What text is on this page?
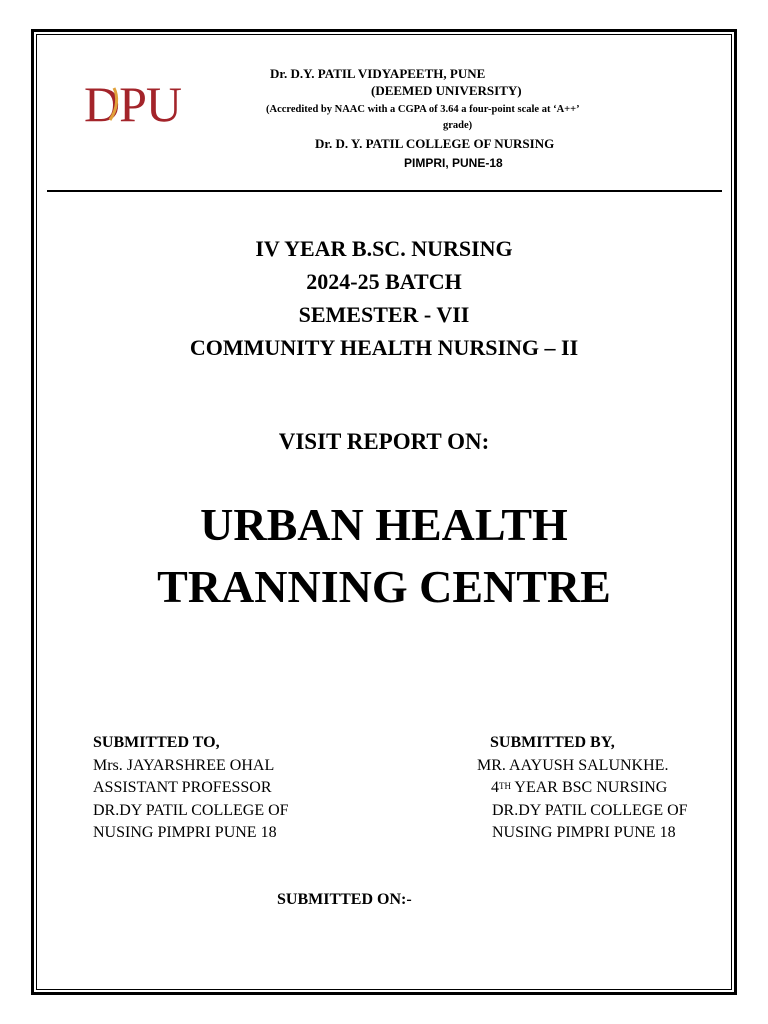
DPU
Dr. D.Y. PATIL VIDYAPEETH, PUNE
(DEEMED UNIVERSITY)
(Accredited by NAAC with a CGPA of 3.64 a four-point scale at ‘A++’
grade)
Dr. D. Y. PATIL COLLEGE OF NURSING
PIMPRI, PUNE-18
IV YEAR B.SC. NURSING
2024-25 BATCH
SEMESTER - VII
COMMUNITY HEALTH NURSING – II
VISIT REPORT ON:
URBAN HEALTH
TRANNING CENTRE
SUBMITTED TO,
Mrs. JAYARSHREE OHAL
ASSISTANT PROFESSOR
DR.DY PATIL COLLEGE OF
NUSING PIMPRI PUNE 18
SUBMITTED BY,
MR. AAYUSH SALUNKHE.
4TH YEAR BSC NURSING
DR.DY PATIL COLLEGE OF
NUSING PIMPRI PUNE 18
SUBMITTED ON:-
